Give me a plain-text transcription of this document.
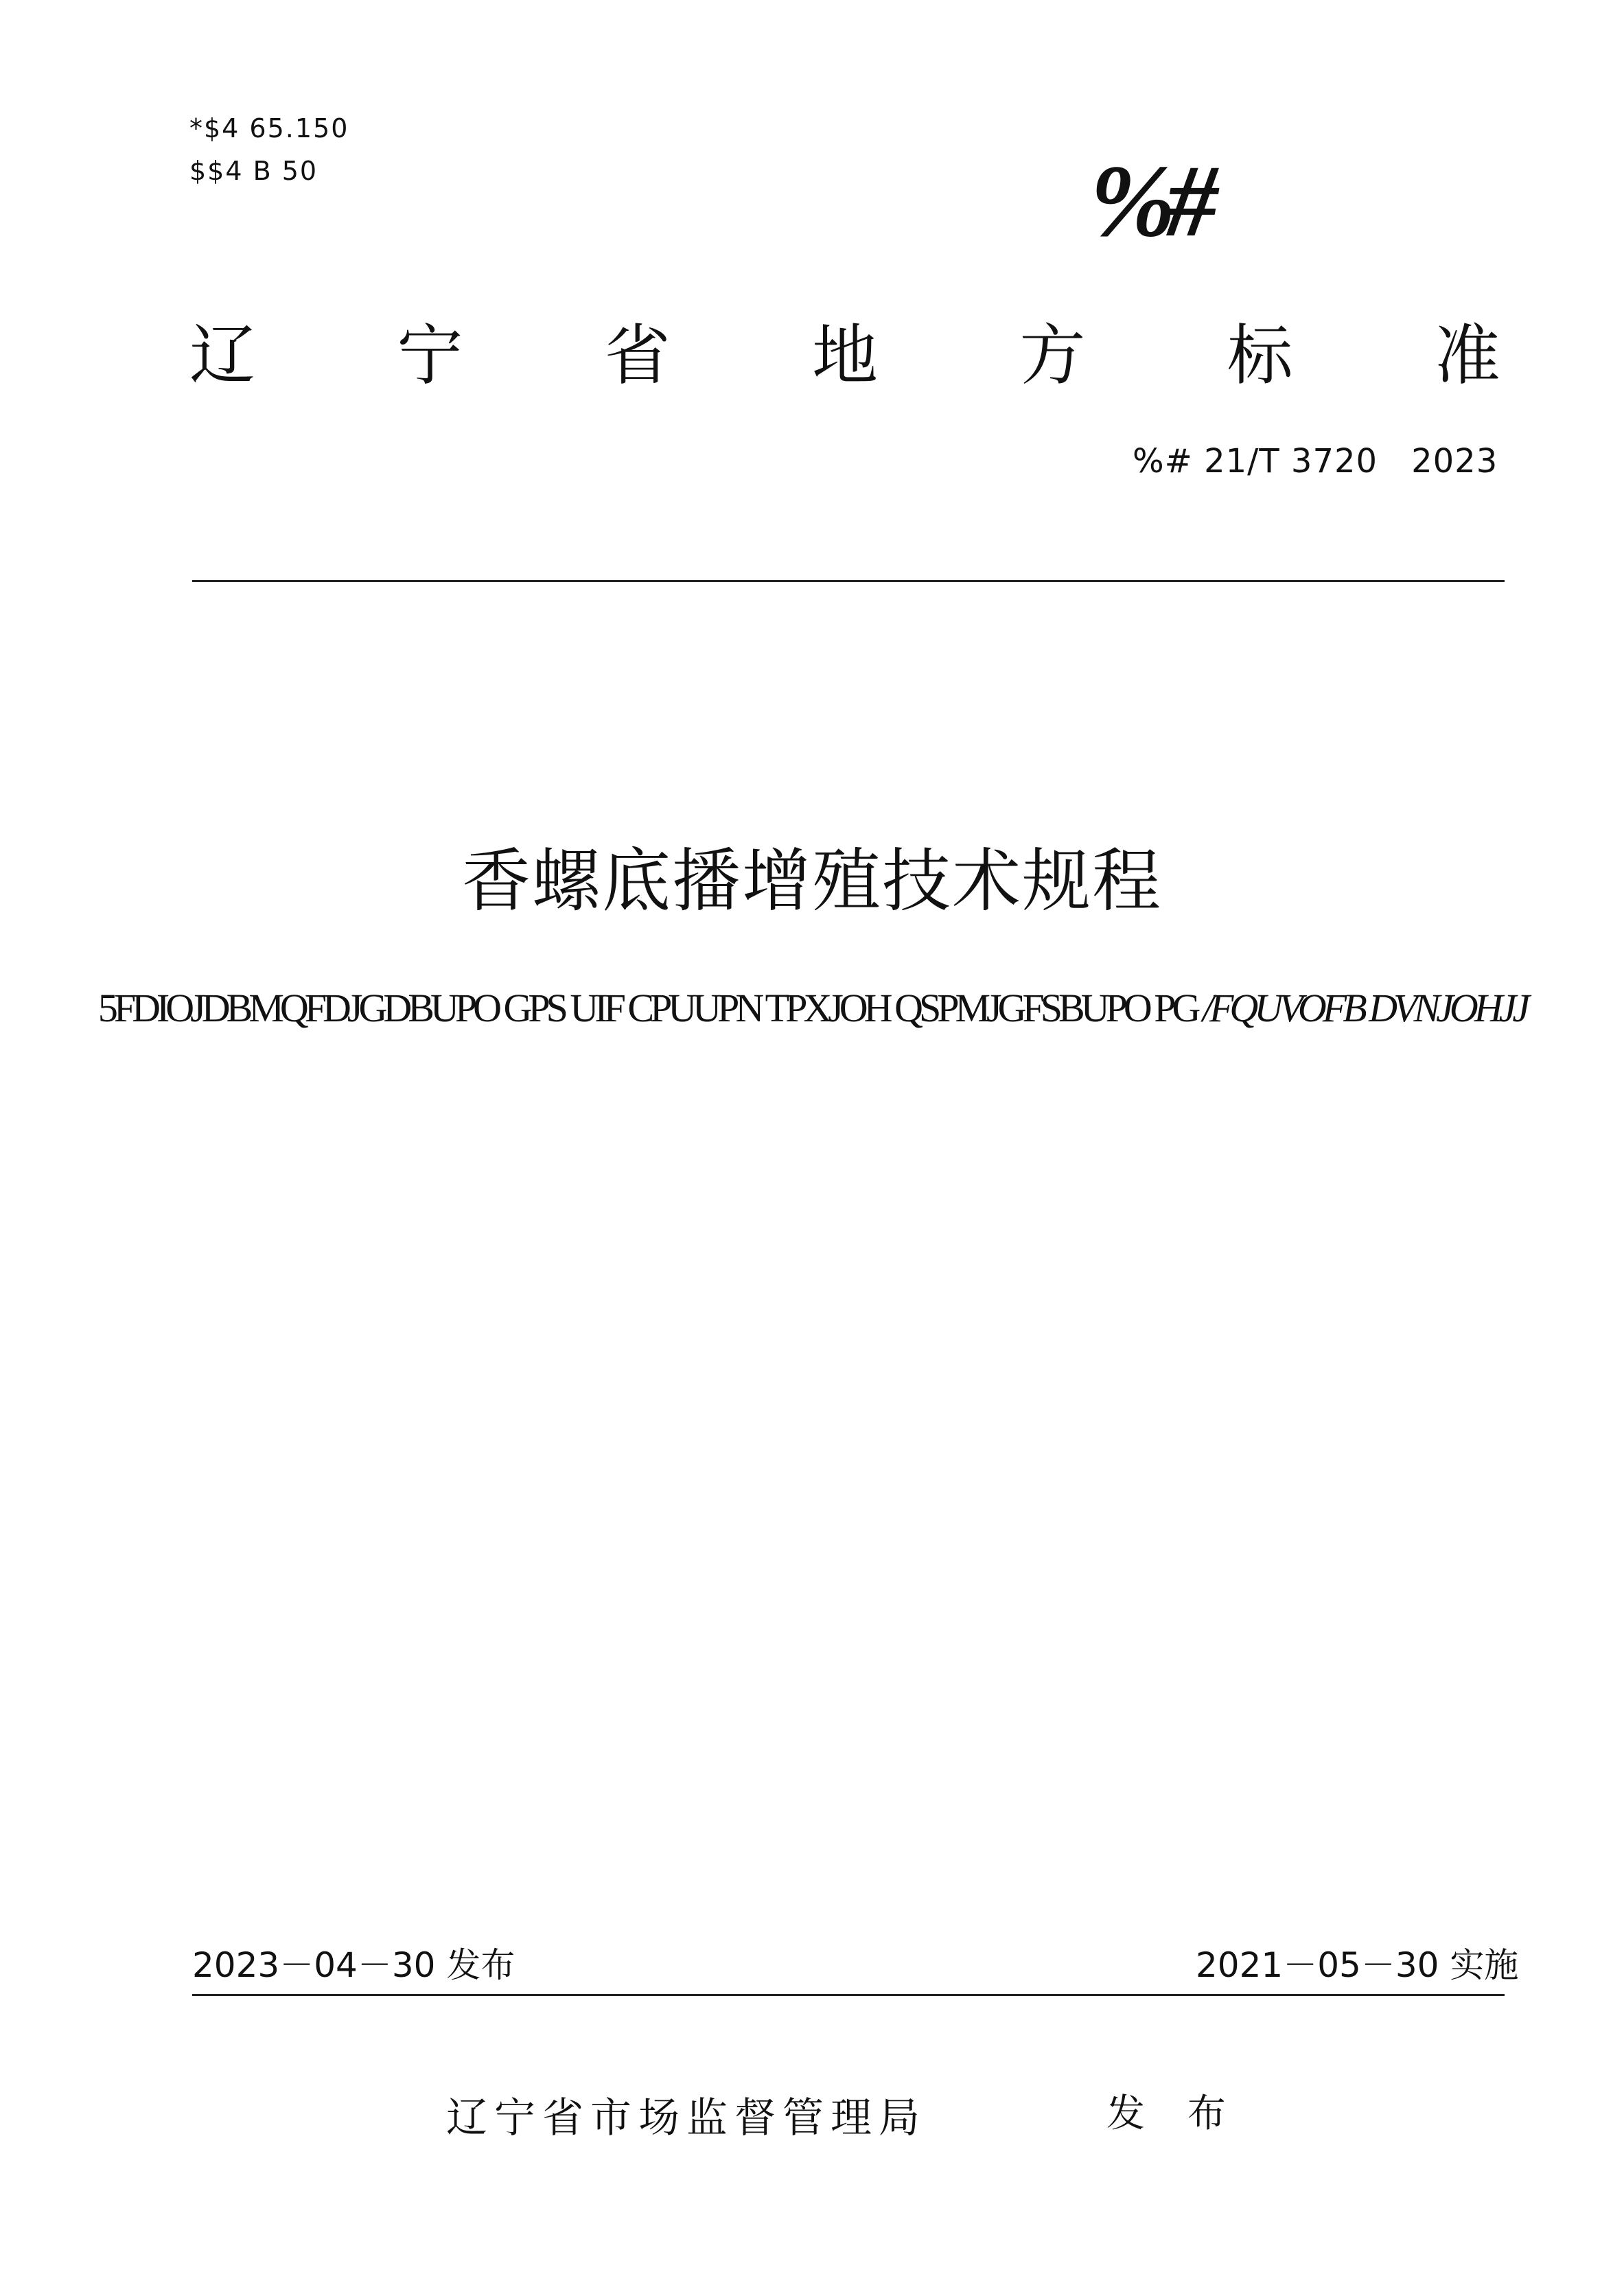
*$4 65.150
$$4 B 50	%#
辽 宁 省 地 方 标 准
%# 21/T 3720　2023
香螺底播增殖技术规程
5FDIOJDBMQFDJGDBUPO GPS UIF CPUUPN TPXJOH QSPMJGFSBUPO PG /FQUVOFB DVNJOHJJ
2023－04－30 发布	2021－05－30 实施
辽宁省市场监督管理局	发 布
